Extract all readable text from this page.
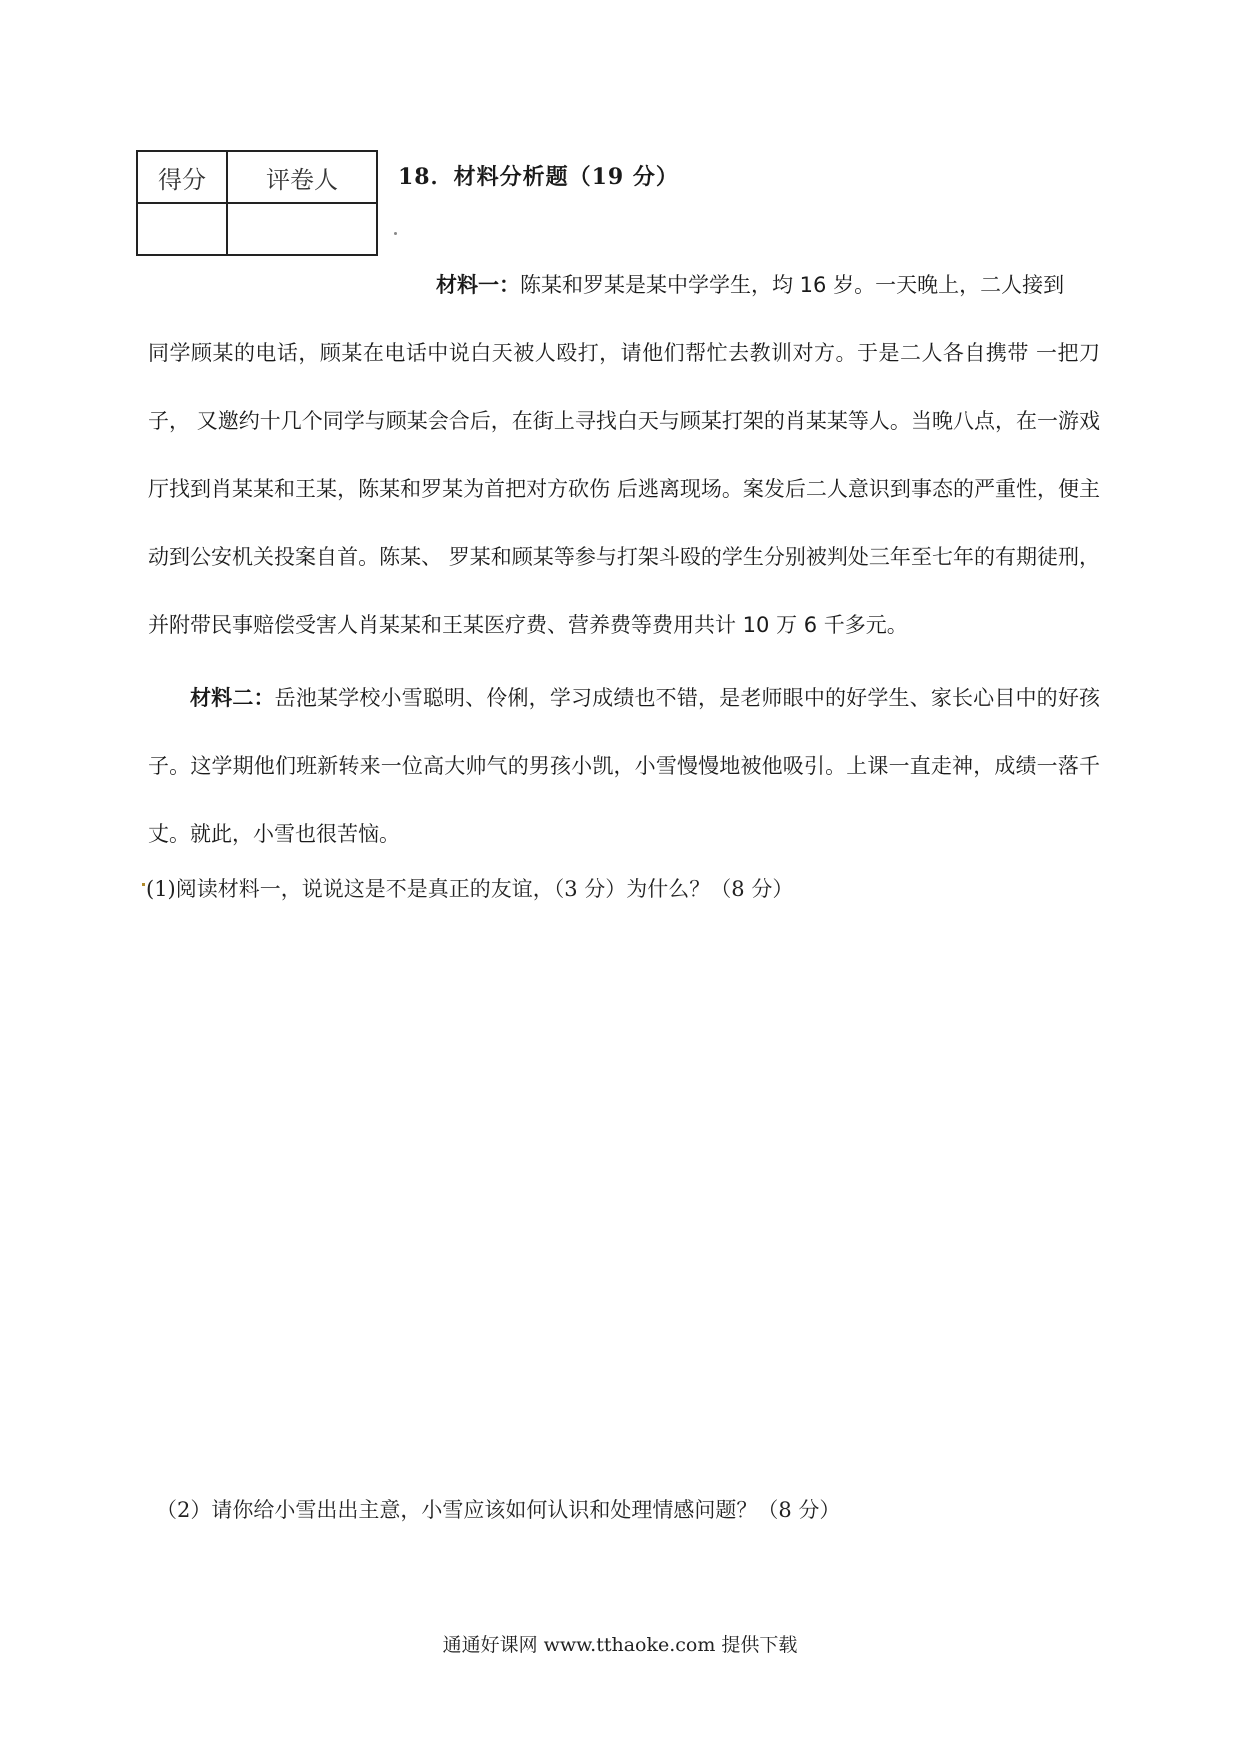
得分	评卷人
		18．材料分析题（19 分）
材料一：陈某和罗某是某中学学生，均 16 岁。一天晚上，二人接到
同学顾某的电话，顾某在电话中说白天被人殴打，请他们帮忙去教训对方。于是二人各自携带 一把刀子， 又邀约十几个同学与顾某会合后，在街上寻找白天与顾某打架的肖某某等人。当晚八点，在一游戏厅找到肖某某和王某，陈某和罗某为首把对方砍伤 后逃离现场。案发后二人意识到事态的严重性，便主动到公安机关投案自首。陈某、 罗某和顾某等参与打架斗殴的学生分别被判处三年至七年的有期徒刑，并附带民事赔偿受害人肖某某和王某医疗费、营养费等费用共计 10 万 6 千多元。
材料二：岳池某学校小雪聪明、伶俐，学习成绩也不错，是老师眼中的好学生、家长心目中的好孩子。这学期他们班新转来一位高大帅气的男孩小凯，小雪慢慢地被他吸引。上课一直走神，成绩一落千丈。就此，小雪也很苦恼。
(1)阅读材料一，说说这是不是真正的友谊，（3 分）为什么？（8 分）
（2）请你给小雪出出主意，小雪应该如何认识和处理情感问题？（8 分）
通通好课网 www.tthaoke.com 提供下载
